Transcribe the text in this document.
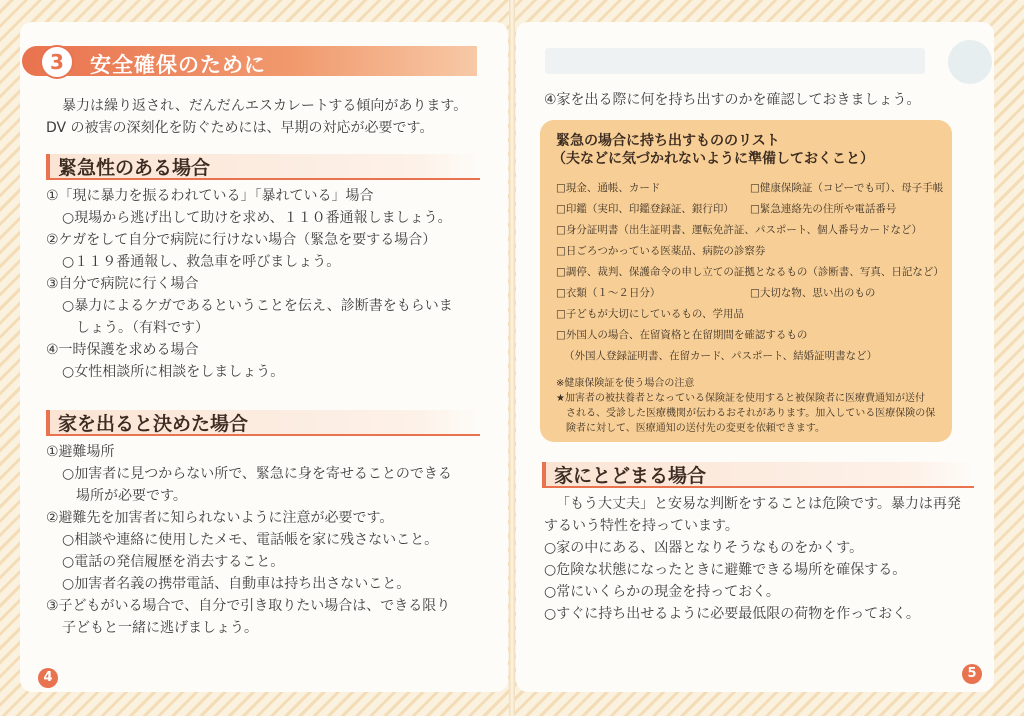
3	安全確保のために
暴力は繰り返され、だんだんエスカレートする傾向があります。
DV の被害の深刻化を防ぐためには、早期の対応が必要です。
緊急性のある場合
①「現に暴力を振るわれている」「暴れている」場合
○現場から逃げ出して助けを求め、１１０番通報しましょう。
②ケガをして自分で病院に行けない場合（緊急を要する場合）
○１１９番通報し、救急車を呼びましょう。
③自分で病院に行く場合
○暴力によるケガであるということを伝え、診断書をもらいま
しょう。（有料です）
④一時保護を求める場合
○女性相談所に相談をしましょう。
家を出ると決めた場合
①避難場所
○加害者に見つからない所で、緊急に身を寄せることのできる
場所が必要です。
②避難先を加害者に知られないように注意が必要です。
○相談や連絡に使用したメモ、電話帳を家に残さないこと。
○電話の発信履歴を消去すること。
○加害者名義の携帯電話、自動車は持ち出さないこと。
③子どもがいる場合で、自分で引き取りたい場合は、できる限り
子どもと一緒に逃げましょう。
4
④家を出る際に何を持ち出すのかを確認しておきましょう。
緊急の場合に持ち出すもののリスト
（夫などに気づかれないように準備しておくこと）
□現金、通帳、カード	□健康保険証（コピーでも可）、母子手帳
□印鑑（実印、印鑑登録証、銀行印） □緊急連絡先の住所や電話番号
□身分証明書（出生証明書、運転免許証、パスポート、個人番号カードなど）
□日ごろつかっている医薬品、病院の診察券
□調停、裁判、保護命令の申し立ての証拠となるもの（診断書、写真、日記など）
□衣類（１～２日分）	□大切な物、思い出のもの
□子どもが大切にしているもの、学用品
□外国人の場合、在留資格と在留期間を確認するもの
（外国人登録証明書、在留カード、パスポート、結婚証明書など）
※健康保険証を使う場合の注意
★加害者の被扶養者となっている保険証を使用すると被保険者に医療費通知が送付
される、受診した医療機関が伝わるおそれがあります。加入している医療保険の保
険者に対して、医療通知の送付先の変更を依頼できます。
家にとどまる場合
「もう大丈夫」と安易な判断をすることは危険です。暴力は再発
するいう特性を持っています。
○家の中にある、凶器となりそうなものをかくす。
○危険な状態になったときに避難できる場所を確保する。
○常にいくらかの現金を持っておく。
○すぐに持ち出せるように必要最低限の荷物を作っておく。
5
